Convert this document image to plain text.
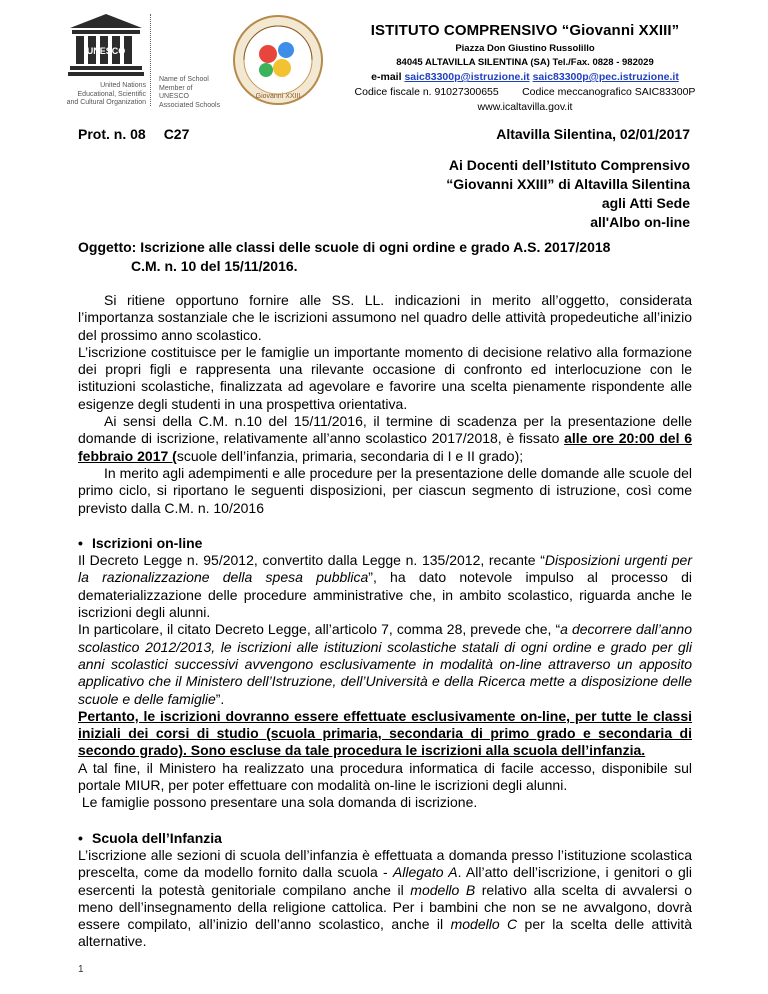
UNESCO
United Nations Educational, Scientific and Cultural Organization
Name of School Member of UNESCO Associated Schools
Giovanni XXIII
ISTITUTO COMPRENSIVO “Giovanni XXIII”
Piazza Don Giustino Russolillo
84045 ALTAVILLA SILENTINA (SA) Tel./Fax. 0828 - 982029
e-mail saic83300p@istruzione.it saic83300p@pec.istruzione.it
Codice fiscale n. 91027300655        Codice meccanografico SAIC83300P
www.icaltavilla.gov.it
Prot. n. 08 C27	Altavilla Silentina, 02/01/2017
Ai Docenti dell’Istituto Comprensivo
“Giovanni XXIII” di Altavilla Silentina
agli Atti Sede
all'Albo on-line
Oggetto: Iscrizione alle classi delle scuole di ogni ordine e grado A.S. 2017/2018
C.M. n. 10 del 15/11/2016.

Si ritiene opportuno fornire alle SS. LL. indicazioni in merito all’oggetto, considerata l’importanza sostanziale che le iscrizioni assumono nel quadro delle attività propedeutiche all’inizio del prossimo anno scolastico.

L’iscrizione costituisce per le famiglie un importante momento di decisione relativo alla formazione dei propri figli e rappresenta una rilevante occasione di confronto ed interlocuzione con le istituzioni scolastiche, finalizzata ad agevolare e favorire una scelta pienamente rispondente alle esigenze degli studenti in una prospettiva orientativa.

Ai sensi della C.M. n.10 del 15/11/2016, il termine di scadenza per la presentazione delle domande di iscrizione, relativamente all’anno scolastico 2017/2018, è fissato alle ore 20:00 del 6 febbraio 2017 (scuole dell’infanzia, primaria, secondaria di I e II grado);

In merito agli adempimenti e alle procedure per la presentazione delle domande alle scuole del primo ciclo, si riportano le seguenti disposizioni, per ciascun segmento di istruzione, così come previsto dalla C.M. n. 10/2016

• Iscrizioni on-line

Il Decreto Legge n. 95/2012, convertito dalla Legge n. 135/2012, recante “Disposizioni urgenti per la razionalizzazione della spesa pubblica”, ha dato notevole impulso al processo di dematerializzazione delle procedure amministrative che, in ambito scolastico, riguarda anche le iscrizioni degli alunni.

In particolare, il citato Decreto Legge, all’articolo 7, comma 28, prevede che, “a decorrere dall’anno scolastico 2012/2013, le iscrizioni alle istituzioni scolastiche statali di ogni ordine e grado per gli anni scolastici successivi avvengono esclusivamente in modalità on-line attraverso un apposito applicativo che il Ministero dell’Istruzione, dell’Università e della Ricerca mette a disposizione delle scuole e delle famiglie”.

Pertanto, le iscrizioni dovranno essere effettuate esclusivamente on-line, per tutte le classi iniziali dei corsi di studio (scuola primaria, secondaria di primo grado e secondaria di secondo grado). Sono escluse da tale procedura le iscrizioni alla scuola dell’infanzia.

A tal fine, il Ministero ha realizzato una procedura informatica di facile accesso, disponibile sul portale MIUR, per poter effettuare con modalità on-line le iscrizioni degli alunni.

Le famiglie possono presentare una sola domanda di iscrizione.

• Scuola dell’Infanzia

L’iscrizione alle sezioni di scuola dell’infanzia è effettuata a domanda presso l’istituzione scolastica prescelta, come da modello fornito dalla scuola - Allegato A. All’atto dell’iscrizione, i genitori o gli esercenti la potestà genitoriale compilano anche il modello B relativo alla scelta di avvalersi o meno dell’insegnamento della religione cattolica. Per i bambini che non se ne avvalgono, dovrà essere compilato, all’inizio dell’anno scolastico, anche il modello C per la scelta delle attività alternative.

1
